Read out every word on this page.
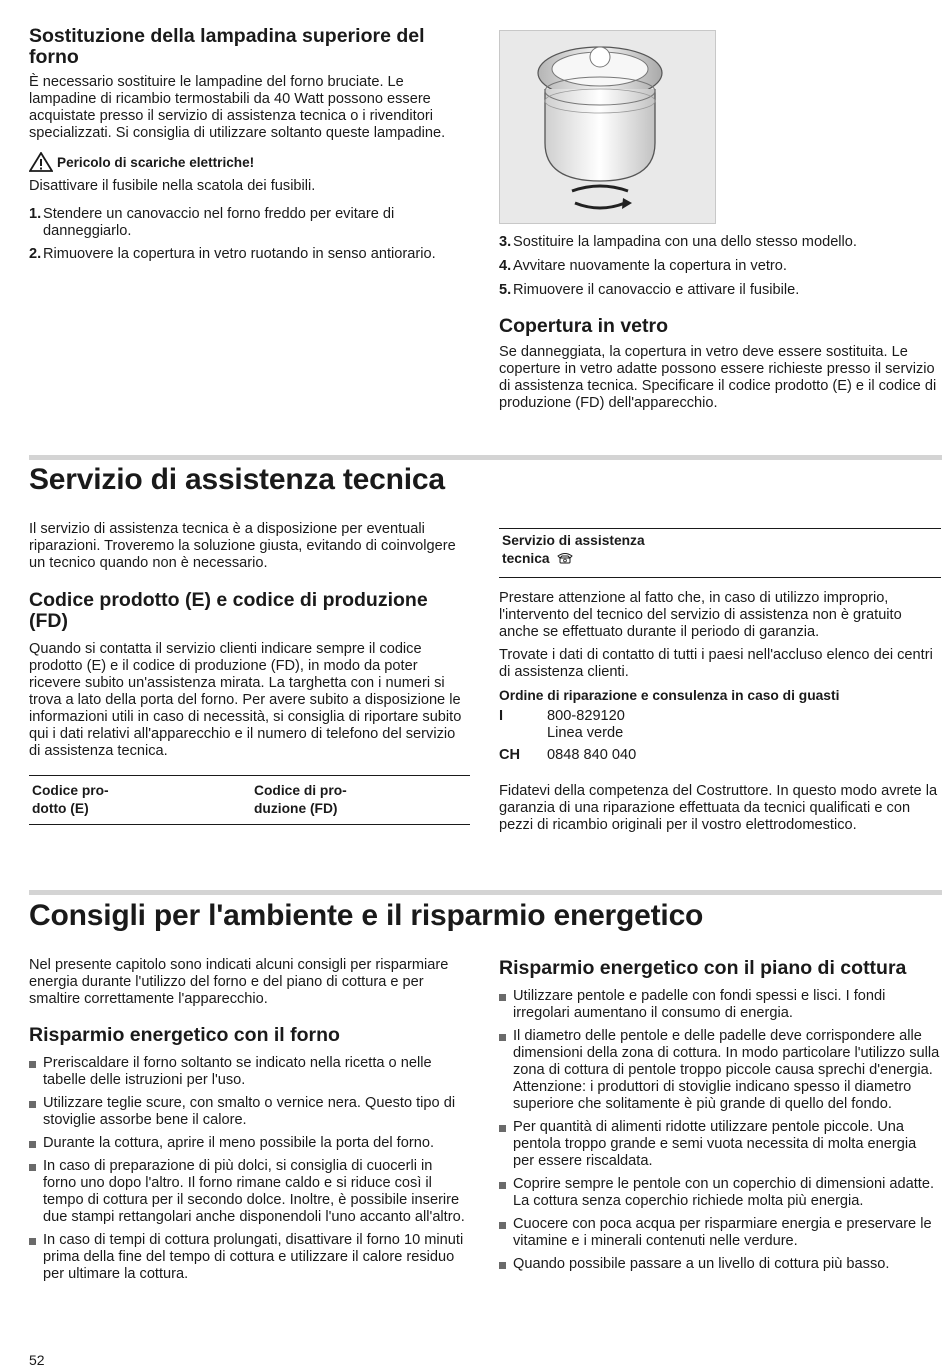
Sostituzione della lampadina superiore del forno

È necessario sostituire le lampadine del forno bruciate. Le lampadine di ricambio termostabili da 40 Watt possono essere acquistate presso il servizio di assistenza tecnica o i rivenditori specializzati. Si consiglia di utilizzare soltanto queste lampadine.

Pericolo di scariche elettriche!

Disattivare il fusibile nella scatola dei fusibili.

1. Stendere un canovaccio nel forno freddo per evitare di danneggiarlo.
2. Rimuovere la copertura in vetro ruotando in senso antiorario.
3. Sostituire la lampadina con una dello stesso modello.
4. Avvitare nuovamente la copertura in vetro.
5. Rimuovere il canovaccio e attivare il fusibile.
Copertura in vetro

Se danneggiata, la copertura in vetro deve essere sostituita. Le coperture in vetro adatte possono essere richieste presso il servizio di assistenza tecnica. Specificare il codice prodotto (E) e il codice di produzione (FD) dell'apparecchio.

Servizio di assistenza tecnica

Il servizio di assistenza tecnica è a disposizione per eventuali riparazioni. Troveremo la soluzione giusta, evitando di coinvolgere un tecnico quando non è necessario.

Codice prodotto (E) e codice di produzione (FD)

Quando si contatta il servizio clienti indicare sempre il codice prodotto (E) e il codice di produzione (FD), in modo da poter ricevere subito un'assistenza mirata. La targhetta con i numeri si trova a lato della porta del forno. Per avere subito a disposizione le informazioni utili in caso di necessità, si consiglia di riportare subito qui i dati relativi all'apparecchio e il numero di telefono del servizio di assistenza tecnica.

Codice pro-
dotto (E)
Codice di pro-
duzione (FD)
Servizio di assistenza
tecnica

Prestare attenzione al fatto che, in caso di utilizzo improprio, l'intervento del tecnico del servizio di assistenza non è gratuito anche se effettuato durante il periodo di garanzia.

Trovate i dati di contatto di tutti i paesi nell'accluso elenco dei centri di assistenza clienti.

Ordine di riparazione e consulenza in caso di guasti

I	800-829120
Linea verde
CH	0848 840 040

Fidatevi della competenza del Costruttore. In questo modo avrete la garanzia di una riparazione effettuata da tecnici qualificati e con pezzi di ricambio originali per il vostro elettrodomestico.

Consigli per l'ambiente e il risparmio energetico

Nel presente capitolo sono indicati alcuni consigli per risparmiare energia durante l'utilizzo del forno e del piano di cottura e per smaltire correttamente l'apparecchio.

Risparmio energetico con il forno
Preriscaldare il forno soltanto se indicato nella ricetta o nelle tabelle delle istruzioni per l'uso.
Utilizzare teglie scure, con smalto o vernice nera. Questo tipo di stoviglie assorbe bene il calore.
Durante la cottura, aprire il meno possibile la porta del forno.
In caso di preparazione di più dolci, si consiglia di cuocerli in forno uno dopo l'altro. Il forno rimane caldo e si riduce così il tempo di cottura per il secondo dolce. Inoltre, è possibile inserire due stampi rettangolari anche disponendoli l'uno accanto all'altro.
In caso di tempi di cottura prolungati, disattivare il forno 10 minuti prima della fine del tempo di cottura e utilizzare il calore residuo per ultimare la cottura.
Risparmio energetico con il piano di cottura
Utilizzare pentole e padelle con fondi spessi e lisci. I fondi irregolari aumentano il consumo di energia.
Il diametro delle pentole e delle padelle deve corrispondere alle dimensioni della zona di cottura. In modo particolare l'utilizzo sulla zona di cottura di pentole troppo piccole causa sprechi d'energia. Attenzione: i produttori di stoviglie indicano spesso il diametro superiore che solitamente è più grande di quello del fondo.
Per quantità di alimenti ridotte utilizzare pentole piccole. Una pentola troppo grande e semi vuota necessita di molta energia per essere riscaldata.
Coprire sempre le pentole con un coperchio di dimensioni adatte. La cottura senza coperchio richiede molta più energia.
Cuocere con poca acqua per risparmiare energia e preservare le vitamine e i minerali contenuti nelle verdure.
Quando possibile passare a un livello di cottura più basso.
52
